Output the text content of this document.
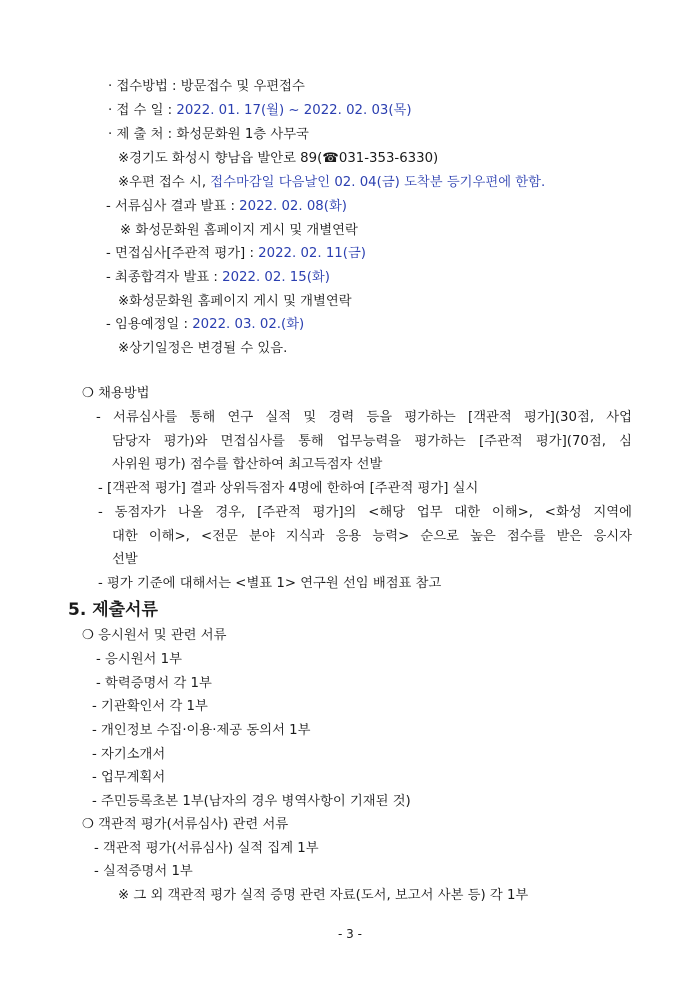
· 접수방법 : 방문접수 및 우편접수
· 접 수 일 : 2022. 01. 17(월) ~ 2022. 02. 03(목)
· 제 출 처 : 화성문화원 1층 사무국
※경기도 화성시 향남읍 발안로 89(☎031-353-6330)
※우편 접수 시, 접수마감일 다음날인 02. 04(금) 도착분 등기우편에 한함.
- 서류심사 결과 발표 : 2022. 02. 08(화)
※ 화성문화원 홈페이지 게시 및 개별연락
- 면접심사[주관적 평가] : 2022. 02. 11(금)
- 최종합격자 발표 : 2022. 02. 15(화)
※화성문화원 홈페이지 게시 및 개별연락
- 임용예정일 : 2022. 03. 02.(화)
※상기일정은 변경될 수 있음.
❍ 채용방법
- 서류심사를 통해 연구 실적 및 경력 등을 평가하는 [객관적 평가](30점, 사업
담당자 평가)와 면접심사를 통해 업무능력을 평가하는 [주관적 평가](70점, 심
사위원 평가) 점수를 합산하여 최고득점자 선발
- [객관적 평가] 결과 상위득점자 4명에 한하여 [주관적 평가] 실시
- 동점자가 나올 경우, [주관적 평가]의 <해당 업무 대한 이해>, <화성 지역에
대한 이해>, <전문 분야 지식과 응용 능력> 순으로 높은 점수를 받은 응시자
선발
- 평가 기준에 대해서는 <별표 1> 연구원 선임 배점표 참고
5. 제출서류
❍ 응시원서 및 관련 서류
- 응시원서 1부
- 학력증명서 각 1부
- 기관확인서 각 1부
- 개인정보 수집·이용·제공 동의서 1부
- 자기소개서
- 업무계획서
- 주민등록초본 1부(남자의 경우 병역사항이 기재된 것)
❍ 객관적 평가(서류심사) 관련 서류
- 객관적 평가(서류심사) 실적 집계 1부
- 실적증명서 1부
※ 그 외 객관적 평가 실적 증명 관련 자료(도서, 보고서 사본 등) 각 1부
- 3 -
